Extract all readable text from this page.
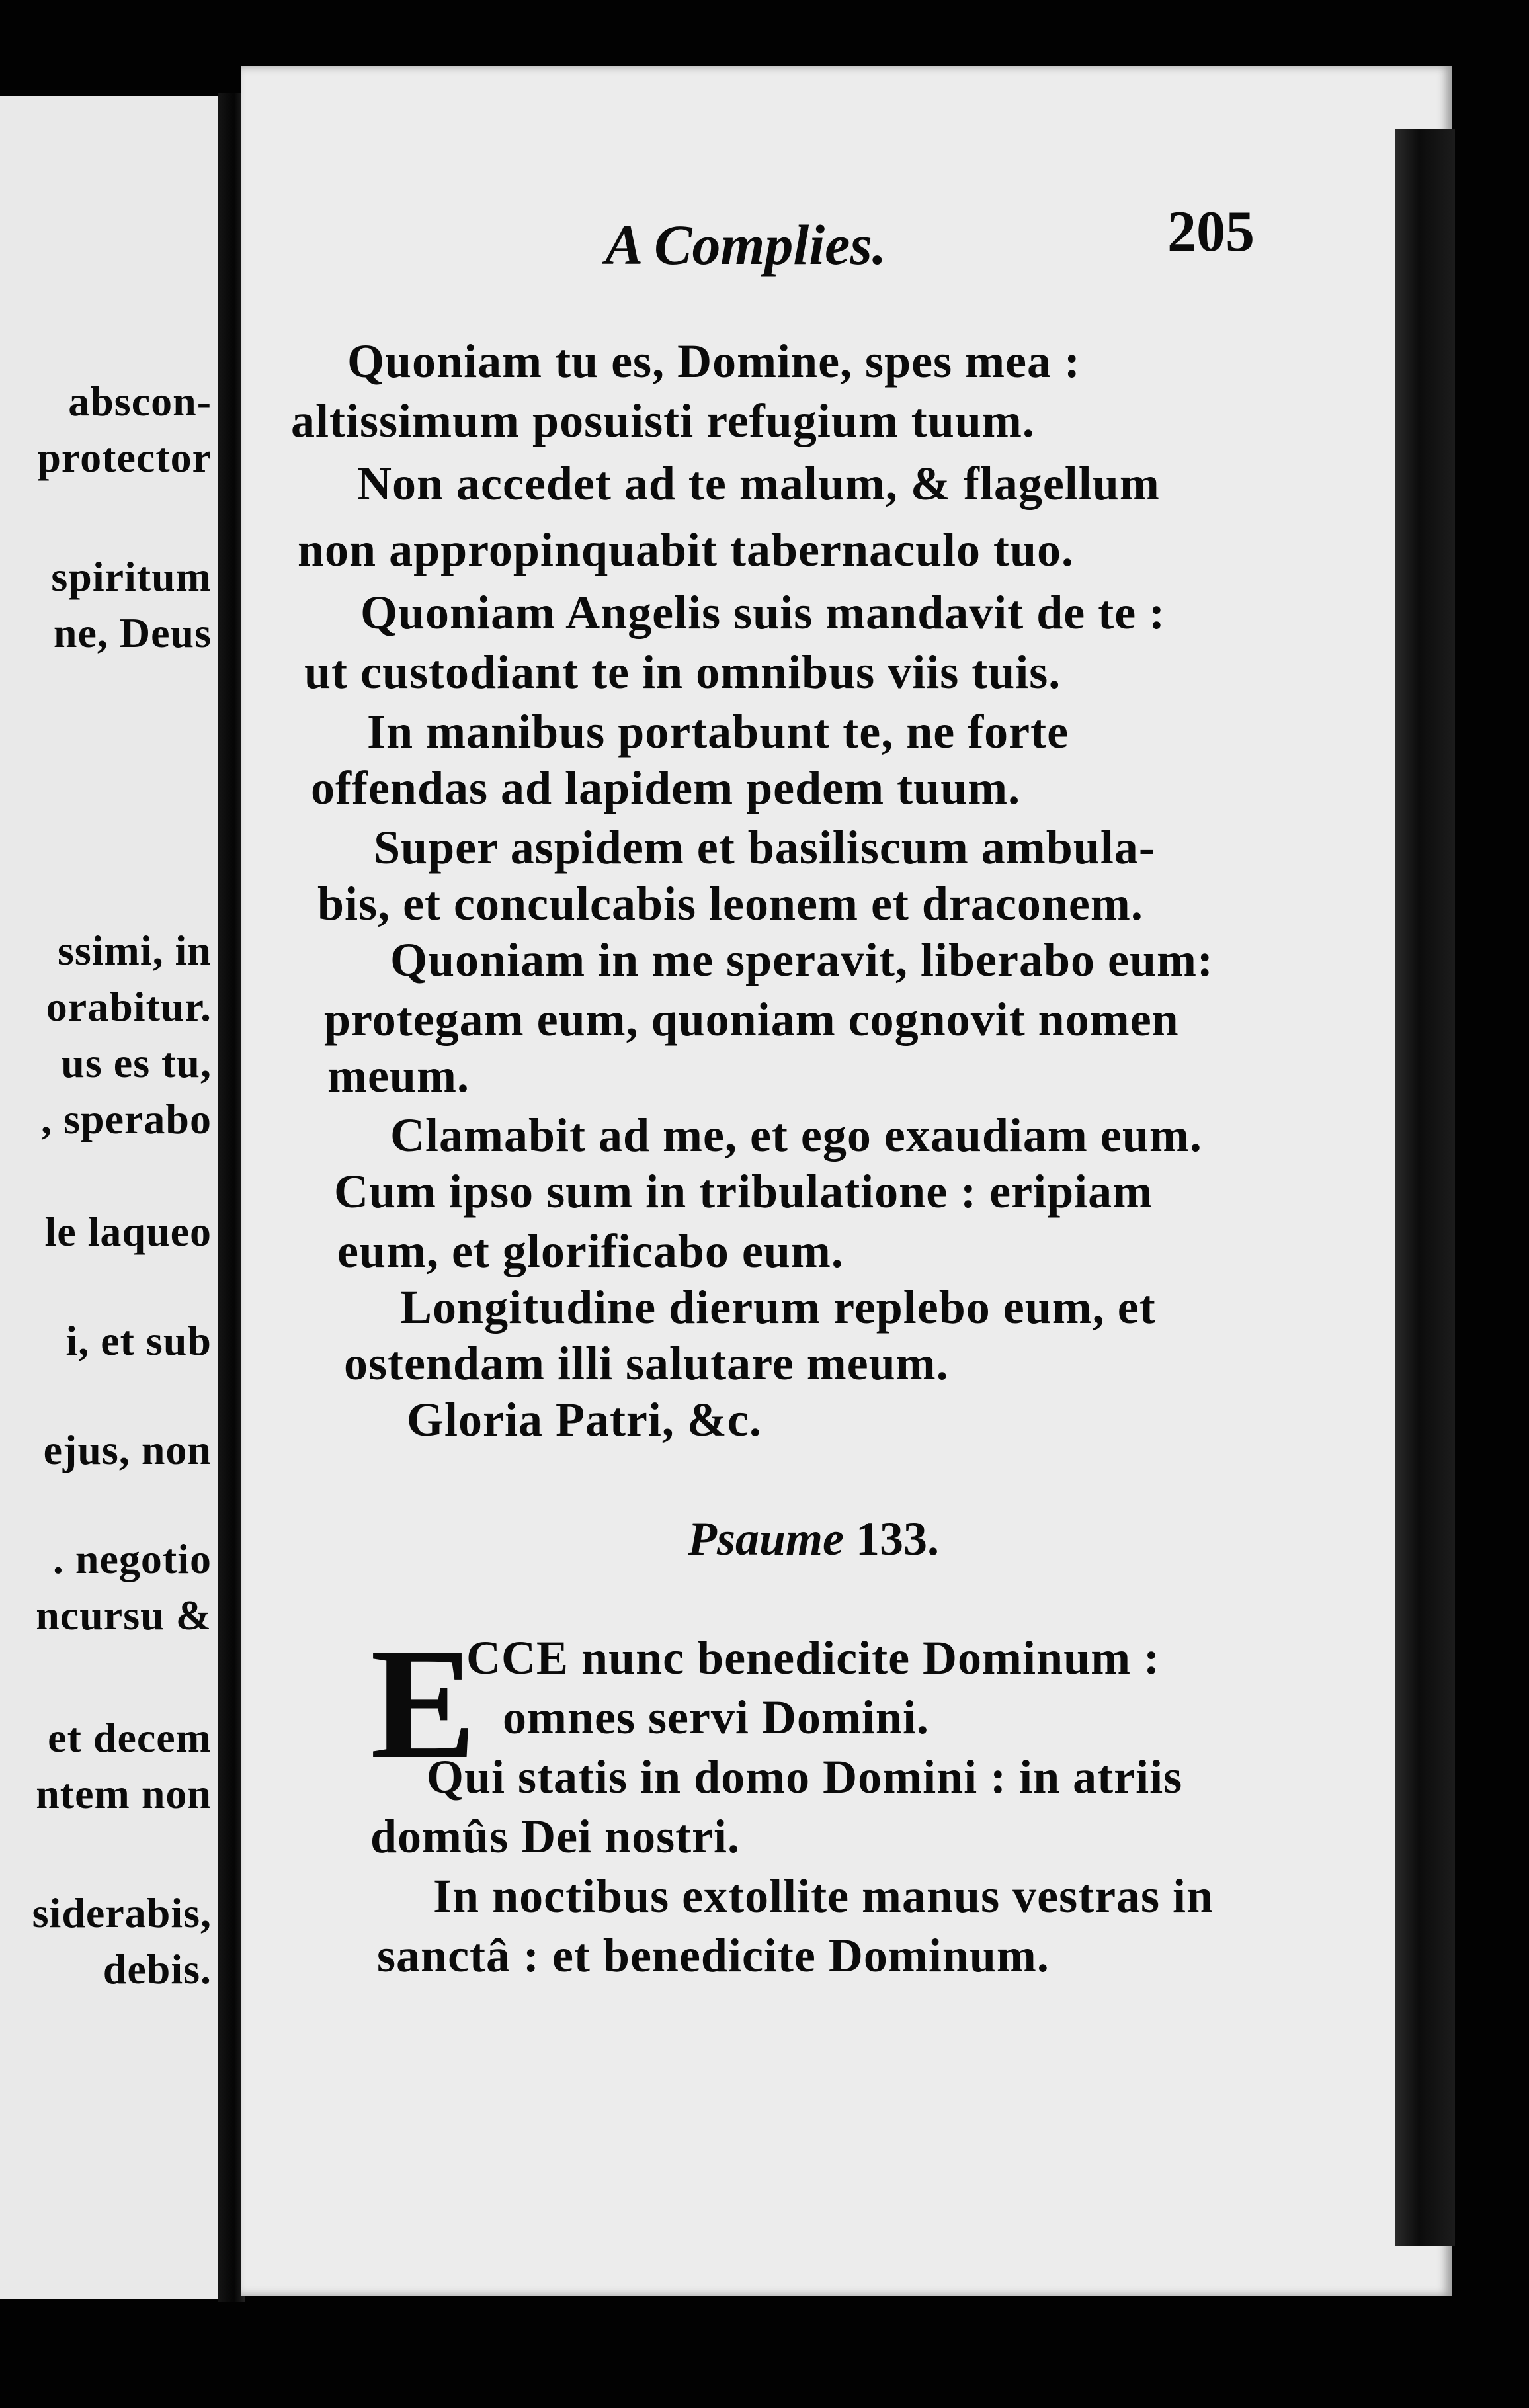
abscon-
protector
spiritum
ne, Deus
ssimi, in
orabitur.
us es tu,
, sperabo
le laqueo
i, et sub
ejus, non
. negotio
ncursu &
et decem
ntem non
siderabis,
debis.
A Complies.	205
Quoniam tu es, Domine, spes mea :
altissimum posuisti refugium tuum.
Non accedet ad te malum, & flagellum
non appropinquabit tabernaculo tuo.
Quoniam Angelis suis mandavit de te :
ut custodiant te in omnibus viis tuis.
In manibus portabunt te, ne forte
offendas ad lapidem pedem tuum.
Super aspidem et basiliscum ambula-
bis, et conculcabis leonem et draconem.
Quoniam in me speravit, liberabo eum:
protegam eum, quoniam cognovit nomen
meum.
Clamabit ad me, et ego exaudiam eum.
Cum ipso sum in tribulatione : eripiam
eum, et glorificabo eum.
Longitudine dierum replebo eum, et
ostendam illi salutare meum.
Gloria Patri, &c.
Psaume 133.
E
CCE nunc benedicite Dominum :
omnes servi Domini.
Qui statis in domo Domini : in atriis
domûs Dei nostri.
In noctibus extollite manus vestras in
sanctâ : et benedicite Dominum.
